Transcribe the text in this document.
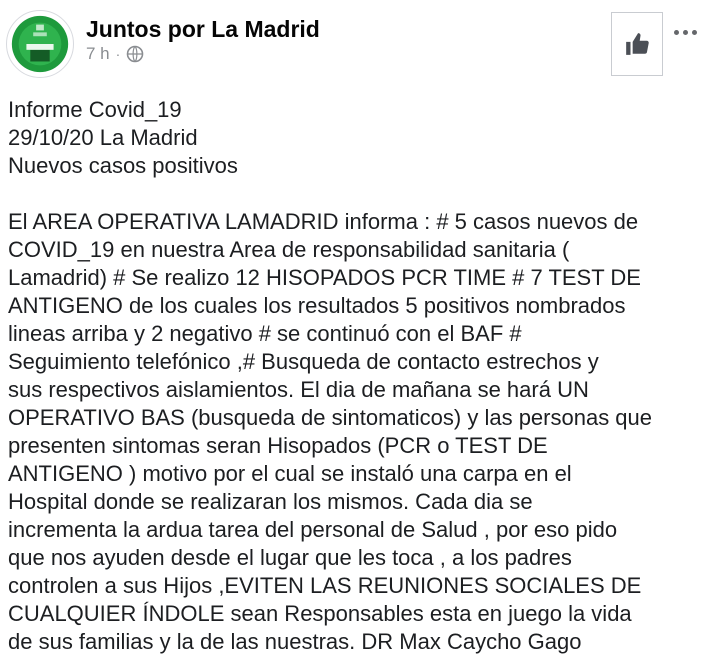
Juntos por La Madrid
7 h ·
Informe Covid_19
29/10/20 La Madrid
Nuevos casos positivos
El AREA OPERATIVA LAMADRID informa : # 5 casos nuevos de
COVID_19 en nuestra Area de responsabilidad sanitaria (
Lamadrid) # Se realizo 12 HISOPADOS PCR TIME # 7 TEST DE
ANTIGENO de los cuales los resultados 5 positivos nombrados
lineas arriba y 2 negativo # se continuó con el BAF #
Seguimiento telefónico ,# Busqueda de contacto estrechos y
sus respectivos aislamientos. El dia de mañana se hará UN
OPERATIVO BAS (busqueda de sintomaticos) y las personas que
presenten sintomas seran Hisopados (PCR o TEST DE
ANTIGENO ) motivo por el cual se instaló una carpa en el
Hospital donde se realizaran los mismos. Cada dia se
incrementa la ardua tarea del personal de Salud , por eso pido
que nos ayuden desde el lugar que les toca , a los padres
controlen a sus Hijos ,EVITEN LAS REUNIONES SOCIALES DE
CUALQUIER ÍNDOLE sean Responsables esta en juego la vida
de sus familias y la de las nuestras. DR Max Caycho Gago
